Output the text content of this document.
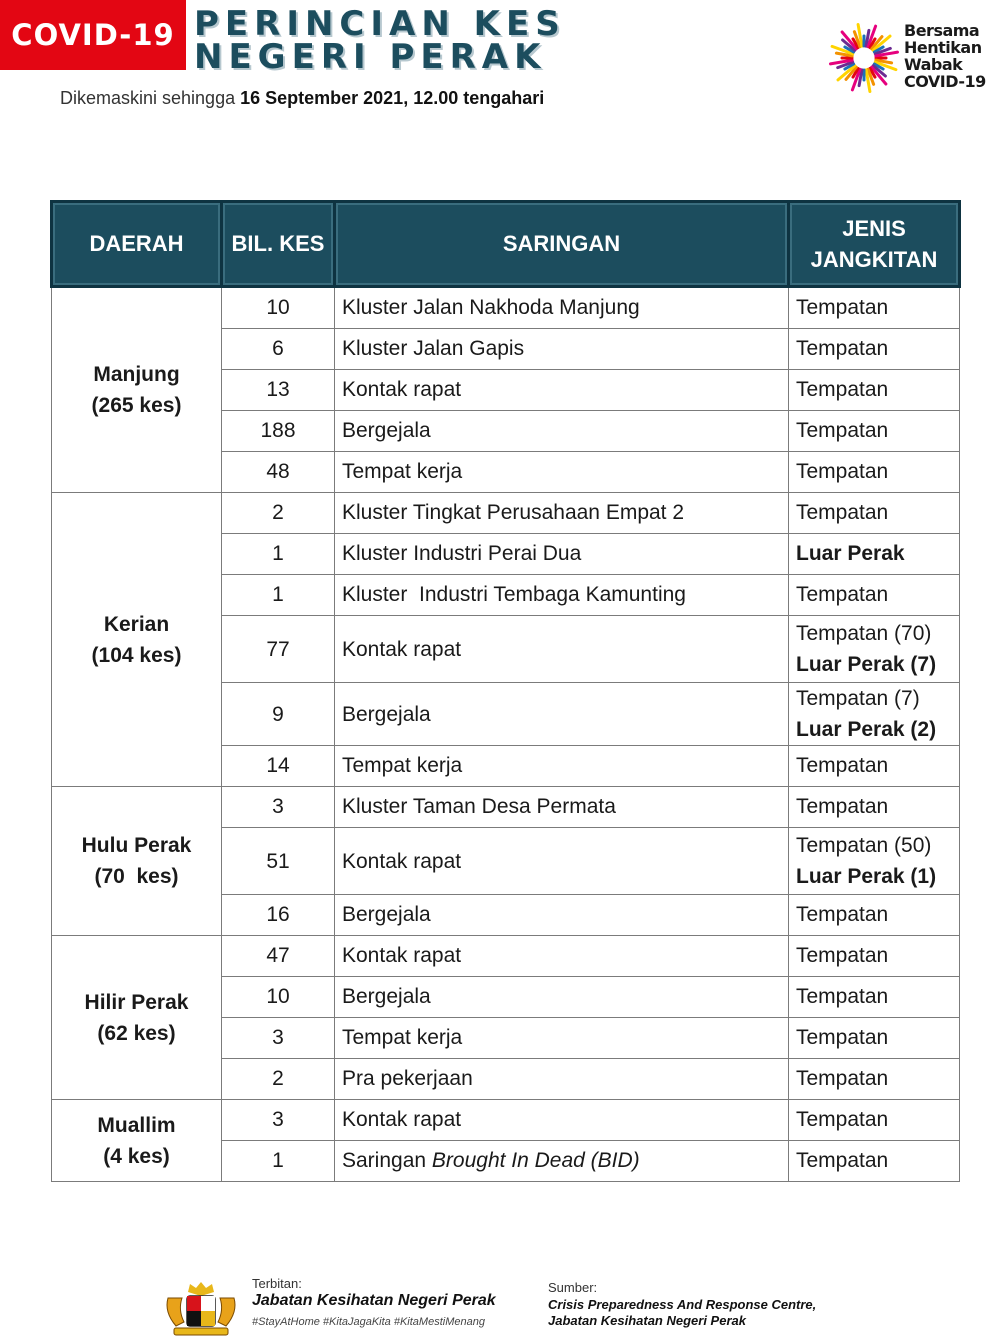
COVID-19 PERINCIAN KES
NEGERI PERAK
Dikemaskini sehingga 16 September 2021, 12.00 tengahari
Bersama
Hentikan
Wabak
COVID-19
DAERAH	BIL. KES	SARINGAN	JENIS
JANGKITAN
Manjung
(265 kes)	10	Kluster Jalan Nakhoda Manjung	Tempatan
	6	Kluster Jalan Gapis	Tempatan
	13	Kontak rapat	Tempatan
	188	Bergejala	Tempatan
	48	Tempat kerja	Tempatan
Kerian
(104 kes)	2	Kluster Tingkat Perusahaan Empat 2	Tempatan
	1	Kluster Industri Perai Dua	Luar Perak
	1	Kluster  Industri Tembaga Kamunting	Tempatan
	77	Kontak rapat	Tempatan (70)
Luar Perak (7)
	9	Bergejala	Tempatan (7)
Luar Perak (2)
	14	Tempat kerja	Tempatan
Hulu Perak
(70  kes)	3	Kluster Taman Desa Permata	Tempatan
	51	Kontak rapat	Tempatan (50)
Luar Perak (1)
	16	Bergejala	Tempatan
Hilir Perak
(62 kes)	47	Kontak rapat	Tempatan
	10	Bergejala	Tempatan
	3	Tempat kerja	Tempatan
	2	Pra pekerjaan	Tempatan
Muallim
(4 kes)	3	Kontak rapat	Tempatan
	1	Saringan Brought In Dead (BID)	Tempatan
Terbitan:
Jabatan Kesihatan Negeri Perak
#StayAtHome #KitaJagaKita #KitaMestiMenang
Sumber:
Crisis Preparedness And Response Centre,
Jabatan Kesihatan Negeri Perak
